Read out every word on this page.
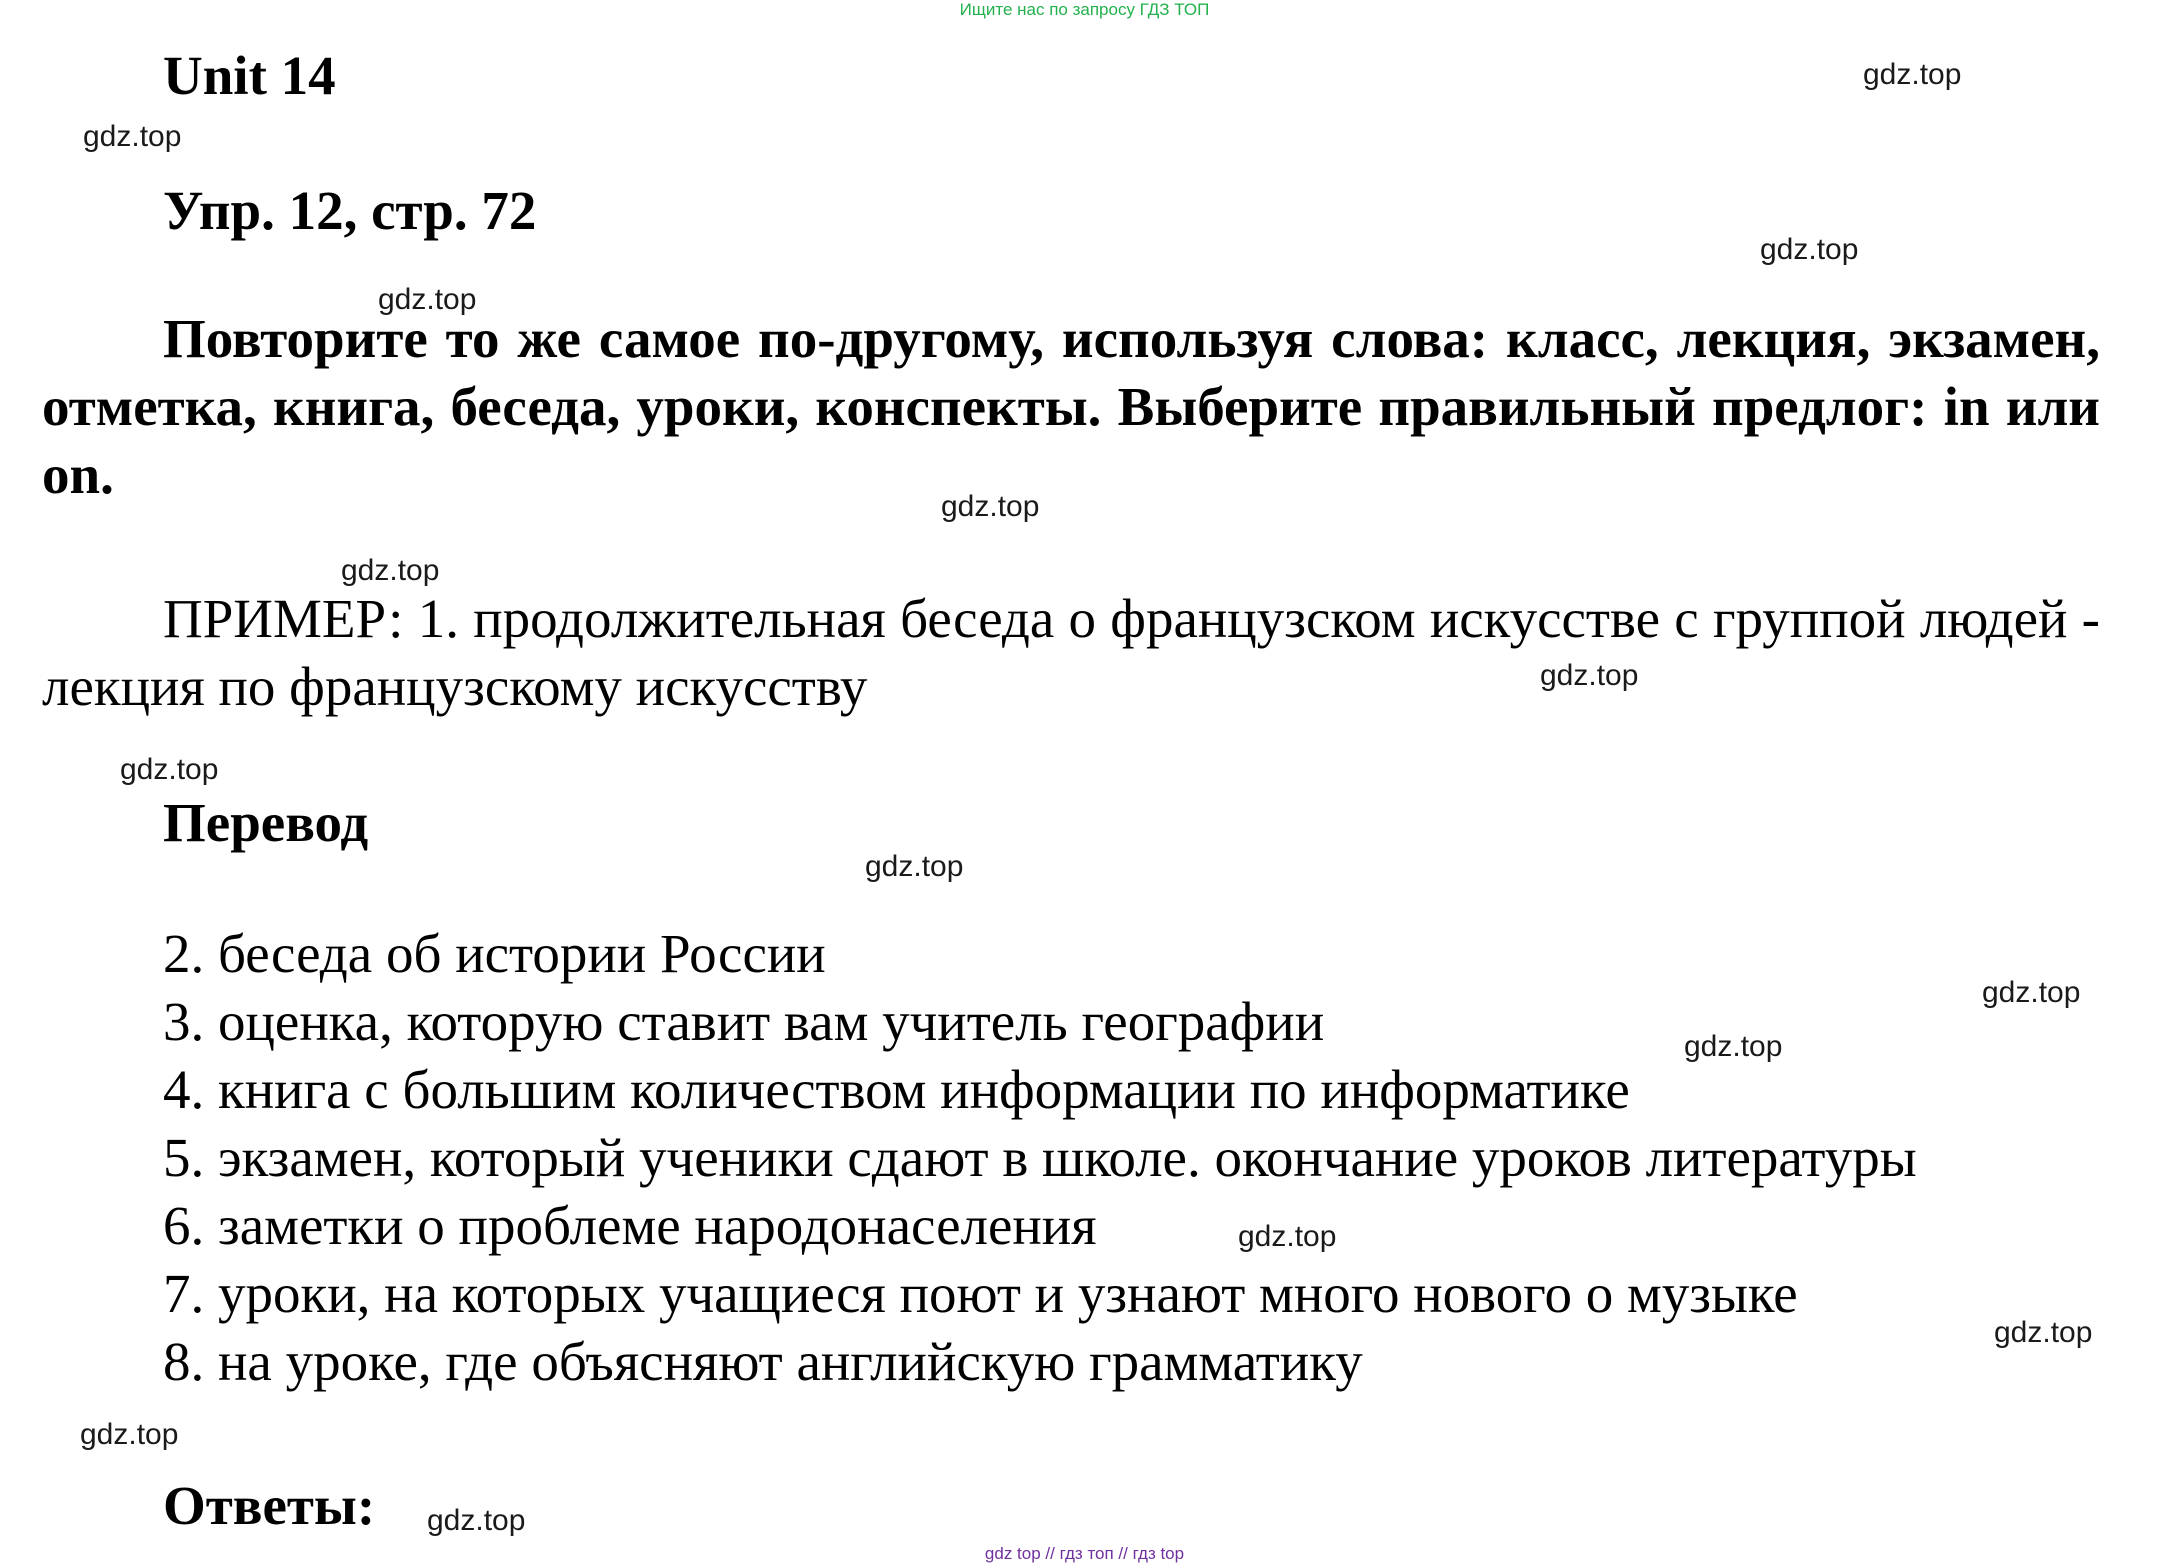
Ищите нас по запросу ГДЗ ТОП
Unit 14
Упр. 12, стр. 72

Повторите то же самое по-другому, используя слова: класс, лекция, экзамен, отметка, книга, беседа, уроки, конспекты. Выберите правильный предлог: in или on.

ПРИМЕР: 1. продолжительная беседа о французском искусстве с группой людей - лекция по французскому искусству

Перевод
2. беседа об истории России
3. оценка, которую ставит вам учитель географии
4. книга с большим количеством информации по информатике
5. экзамен, который ученики сдают в школе. окончание уроков литературы
6. заметки о проблеме народонаселения
7. уроки, на которых учащиеся поют и узнают много нового о музыке
8. на уроке, где объясняют английскую грамматику
Ответы:
gdz.top
gdz.top
gdz.top
gdz.top
gdz.top
gdz.top
gdz.top
gdz.top
gdz.top
gdz.top
gdz.top
gdz.top
gdz.top
gdz.top
gdz.top
gdz top // гдз топ // гдз top
